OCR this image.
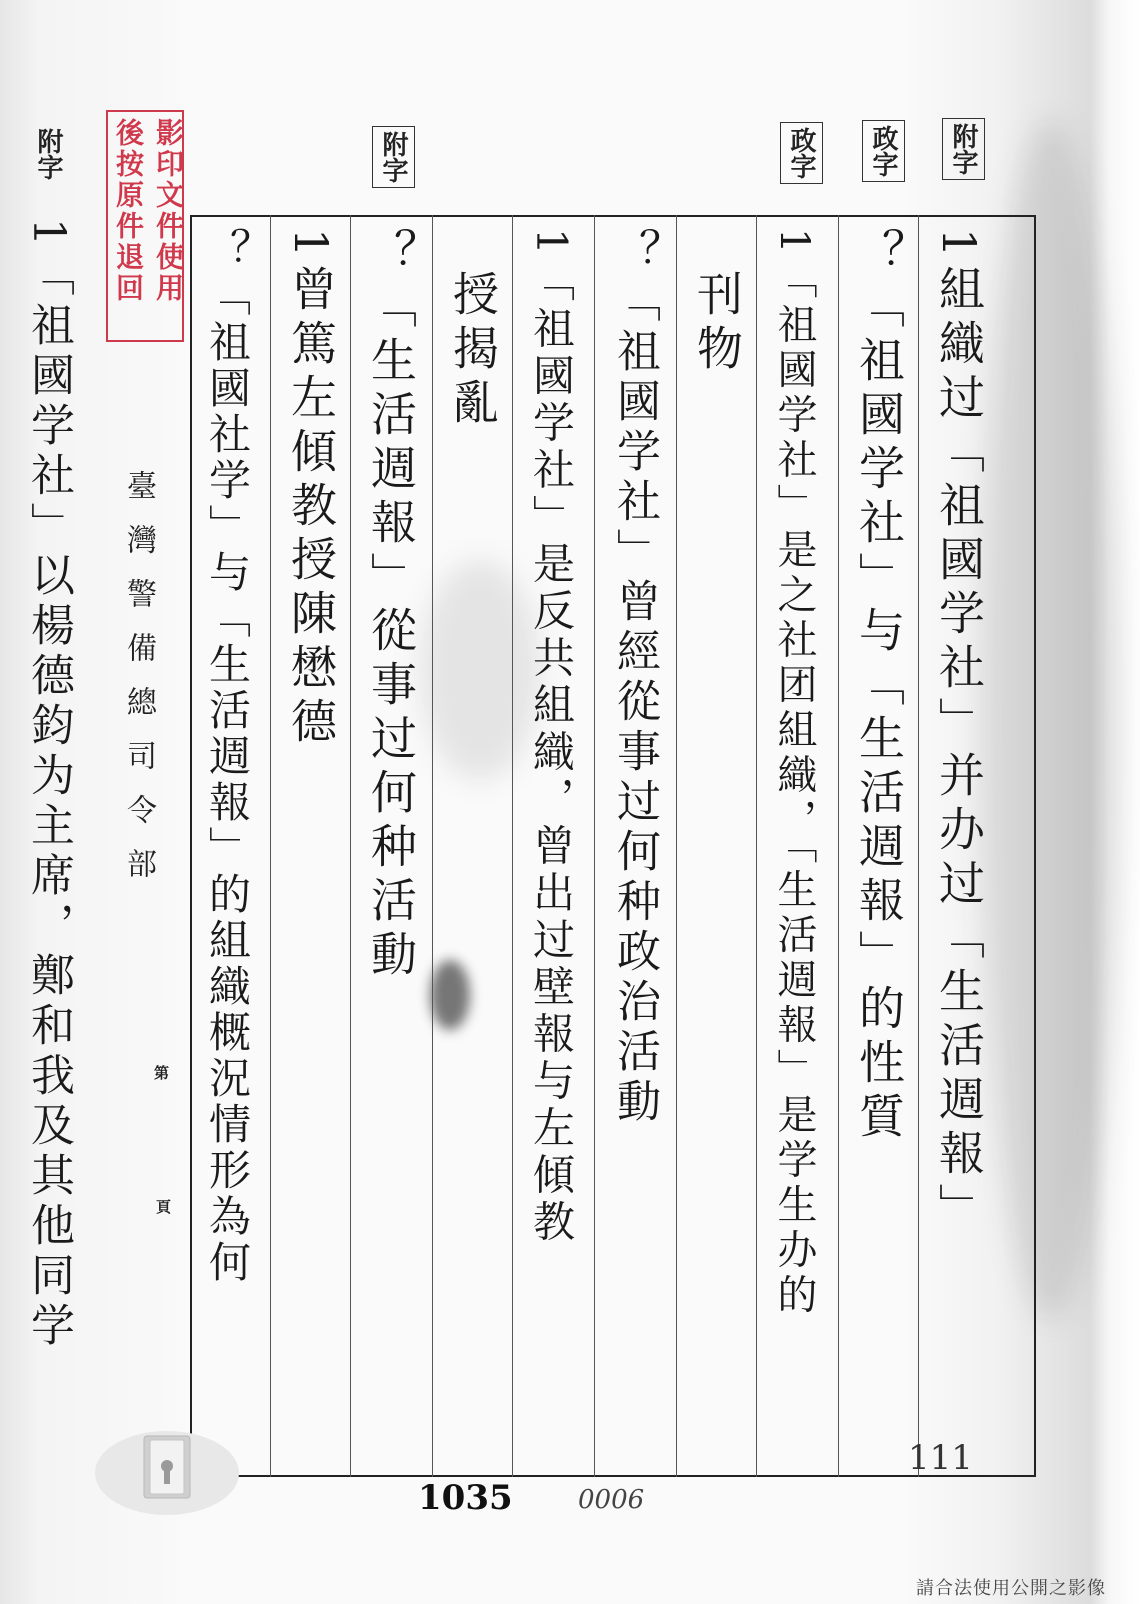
影印文件使用
後按原件退回
臺灣警備總司令部
第
頁
附字	附字	政字 政字 附字
1組織过「祖國学社」并办过「生活週報」
？「祖國学社」与「生活週報」的性質
1「祖國学社」是之社团組織，「生活週報」是学生办的
刊物
？「祖國学社」曾經從事过何种政治活動
1「祖國学社」是反共組織，曾出过壁報与左傾教
授揭亂
？「生活週報」從事过何种活動
1曾篤左傾教授陳懋德
？「祖國社学」与「生活週報」的組織概況情形為何
1「祖國学社」以楊德鈞为主席，鄭和我及其他同学
1035	0006
111
請合法使用公開之影像
